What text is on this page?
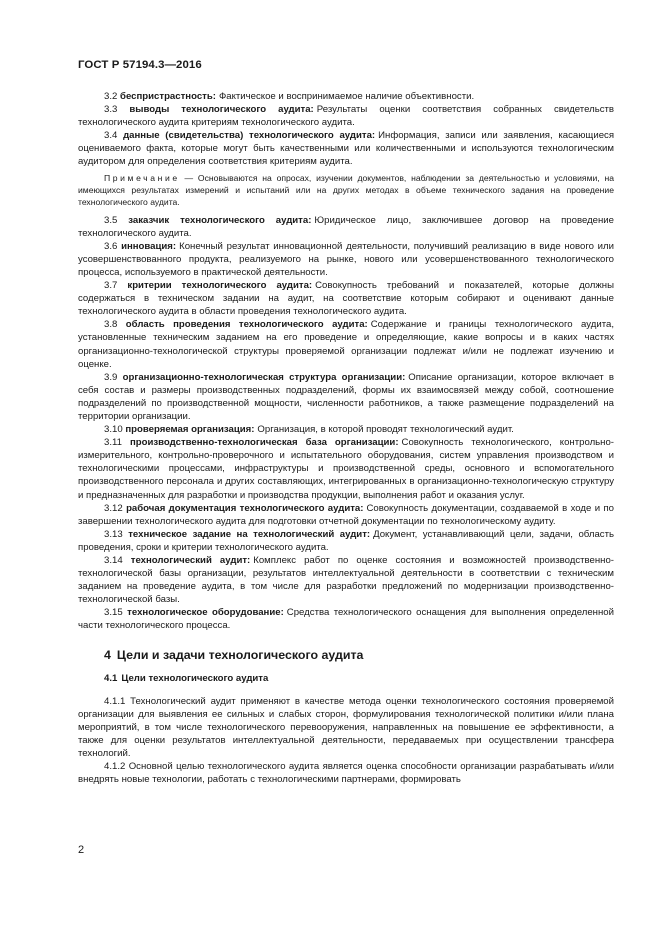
ГОСТ Р 57194.3—2016

3.2 беспристрастность: Фактическое и воспринимаемое наличие объективности.

3.3 выводы технологического аудита: Результаты оценки соответствия собранных свидетельств технологического аудита критериям технологического аудита.

3.4 данные (свидетельства) технологического аудита: Информация, записи или заявления, касающиеся оцениваемого факта, которые могут быть качественными или количественными и используются технологическим аудитором для определения соответствия критериям аудита.

Примечание — Основываются на опросах, изучении документов, наблюдении за деятельностью и условиями, на имеющихся результатах измерений и испытаний или на других методах в объеме технического задания на проведение технологического аудита.

3.5 заказчик технологического аудита: Юридическое лицо, заключившее договор на проведение технологического аудита.

3.6 инновация: Конечный результат инновационной деятельности, получивший реализацию в виде нового или усовершенствованного продукта, реализуемого на рынке, нового или усовершенствованного технологического процесса, используемого в практической деятельности.

3.7 критерии технологического аудита: Совокупность требований и показателей, которые должны содержаться в техническом задании на аудит, на соответствие которым собирают и оценивают данные технологического аудита в области проведения технологического аудита.

3.8 область проведения технологического аудита: Содержание и границы технологического аудита, установленные техническим заданием на его проведение и определяющие, какие вопросы и в каких частях организационно-технологической структуры проверяемой организации подлежат и/или не подлежат изучению и оценке.

3.9 организационно-технологическая структура организации: Описание организации, которое включает в себя состав и размеры производственных подразделений, формы их взаимосвязей между собой, соотношение подразделений по производственной мощности, численности работников, а также размещение подразделений на территории организации.

3.10 проверяемая организация: Организация, в которой проводят технологический аудит.

3.11 производственно-технологическая база организации: Совокупность технологического, контрольно-измерительного, контрольно-проверочного и испытательного оборудования, систем управления производством и технологическими процессами, инфраструктуры и производственной среды, основного и вспомогательного производственного персонала и других составляющих, интегрированных в организационно-технологическую структуру и предназначенных для разработки и производства продукции, выполнения работ и оказания услуг.

3.12 рабочая документация технологического аудита: Совокупность документации, создаваемой в ходе и по завершении технологического аудита для подготовки отчетной документации по технологическому аудиту.

3.13 техническое задание на технологический аудит: Документ, устанавливающий цели, задачи, область проведения, сроки и критерии технологического аудита.

3.14 технологический аудит: Комплекс работ по оценке состояния и возможностей производственно-технологической базы организации, результатов интеллектуальной деятельности в соответствии с техническим заданием на проведение аудита, в том числе для разработки предложений по модернизации производственно-технологической базы.

3.15 технологическое оборудование: Средства технологического оснащения для выполнения определенной части технологического процесса.

4 Цели и задачи технологического аудита
4.1 Цели технологического аудита

4.1.1 Технологический аудит применяют в качестве метода оценки технологического состояния проверяемой организации для выявления ее сильных и слабых сторон, формулирования технологической политики и/или плана мероприятий, в том числе технологического перевооружения, направленных на повышение ее эффективности, а также для оценки результатов интеллектуальной деятельности, передаваемых при осуществлении трансфера технологий.

4.1.2 Основной целью технологического аудита является оценка способности организации разрабатывать и/или внедрять новые технологии, работать с технологическими партнерами, формировать

2
